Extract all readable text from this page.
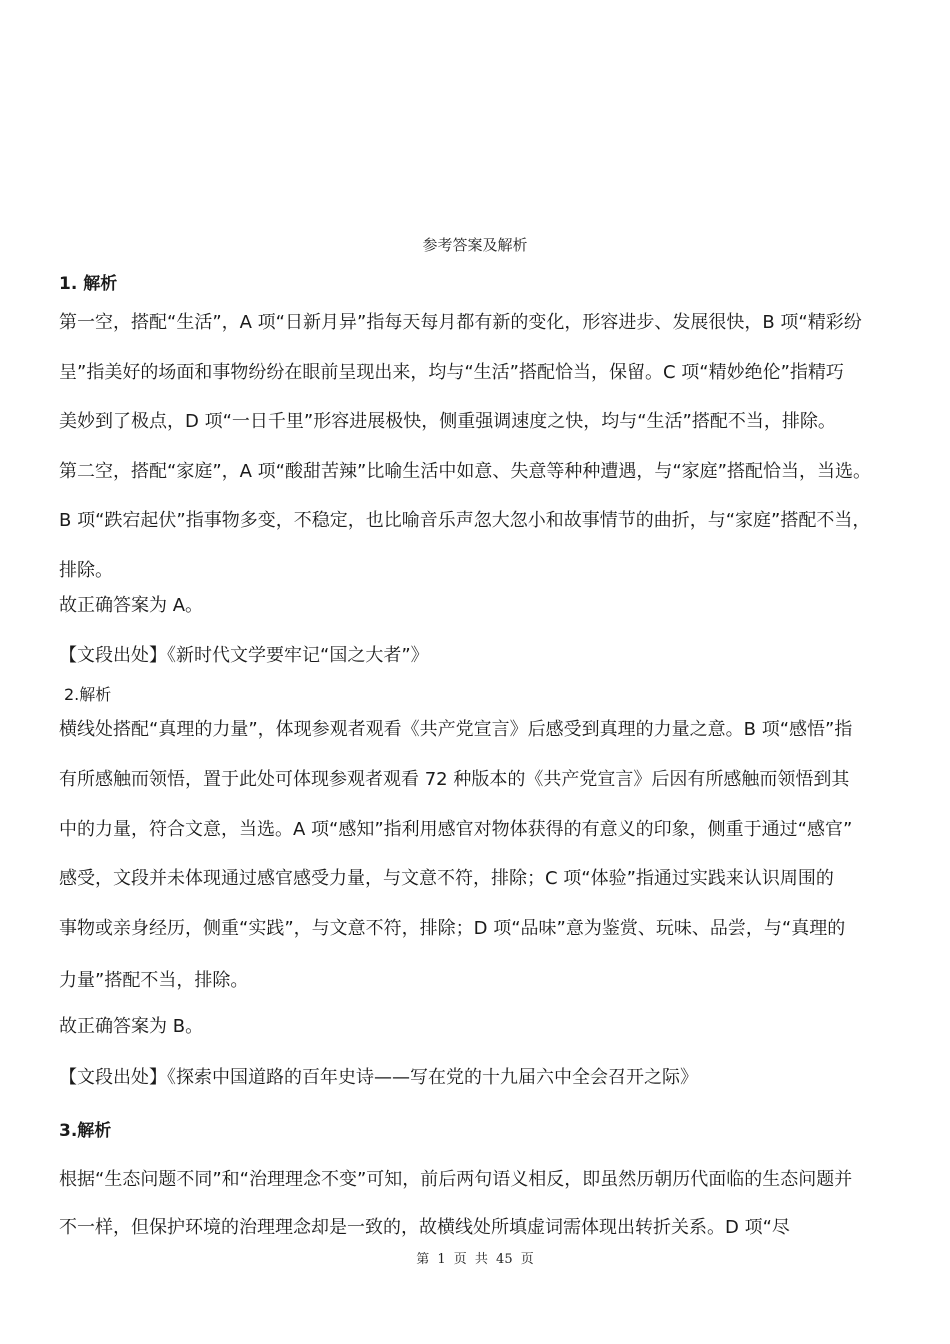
参考答案及解析
1. 解析
第一空，搭配“生活”，A 项“日新月异”指每天每月都有新的变化，形容进步、发展很快，B 项“精彩纷
呈”指美好的场面和事物纷纷在眼前呈现出来，均与“生活”搭配恰当，保留。C 项“精妙绝伦”指精巧
美妙到了极点，D 项“一日千里”形容进展极快，侧重强调速度之快，均与“生活”搭配不当，排除。
第二空，搭配“家庭”，A 项“酸甜苦辣”比喻生活中如意、失意等种种遭遇，与“家庭”搭配恰当，当选。
B 项“跌宕起伏”指事物多变，不稳定，也比喻音乐声忽大忽小和故事情节的曲折，与“家庭”搭配不当，
排除。
故正确答案为 A。
【文段出处】《新时代文学要牢记“国之大者”》
2.解析
横线处搭配“真理的力量”，体现参观者观看《共产党宣言》后感受到真理的力量之意。B 项“感悟”指
有所感触而领悟，置于此处可体现参观者观看 72 种版本的《共产党宣言》后因有所感触而领悟到其
中的力量，符合文意，当选。A 项“感知”指利用感官对物体获得的有意义的印象，侧重于通过“感官”
感受，文段并未体现通过感官感受力量，与文意不符，排除；C 项“体验”指通过实践来认识周围的
事物或亲身经历，侧重“实践”，与文意不符，排除；D 项“品味”意为鉴赏、玩味、品尝，与“真理的
力量”搭配不当，排除。
故正确答案为 B。
【文段出处】《探索中国道路的百年史诗——写在党的十九届六中全会召开之际》
3.解析
根据“生态问题不同”和“治理理念不变”可知，前后两句语义相反，即虽然历朝历代面临的生态问题并
不一样，但保护环境的治理理念却是一致的，故横线处所填虚词需体现出转折关系。D 项“尽
第 1 页 共 45 页
